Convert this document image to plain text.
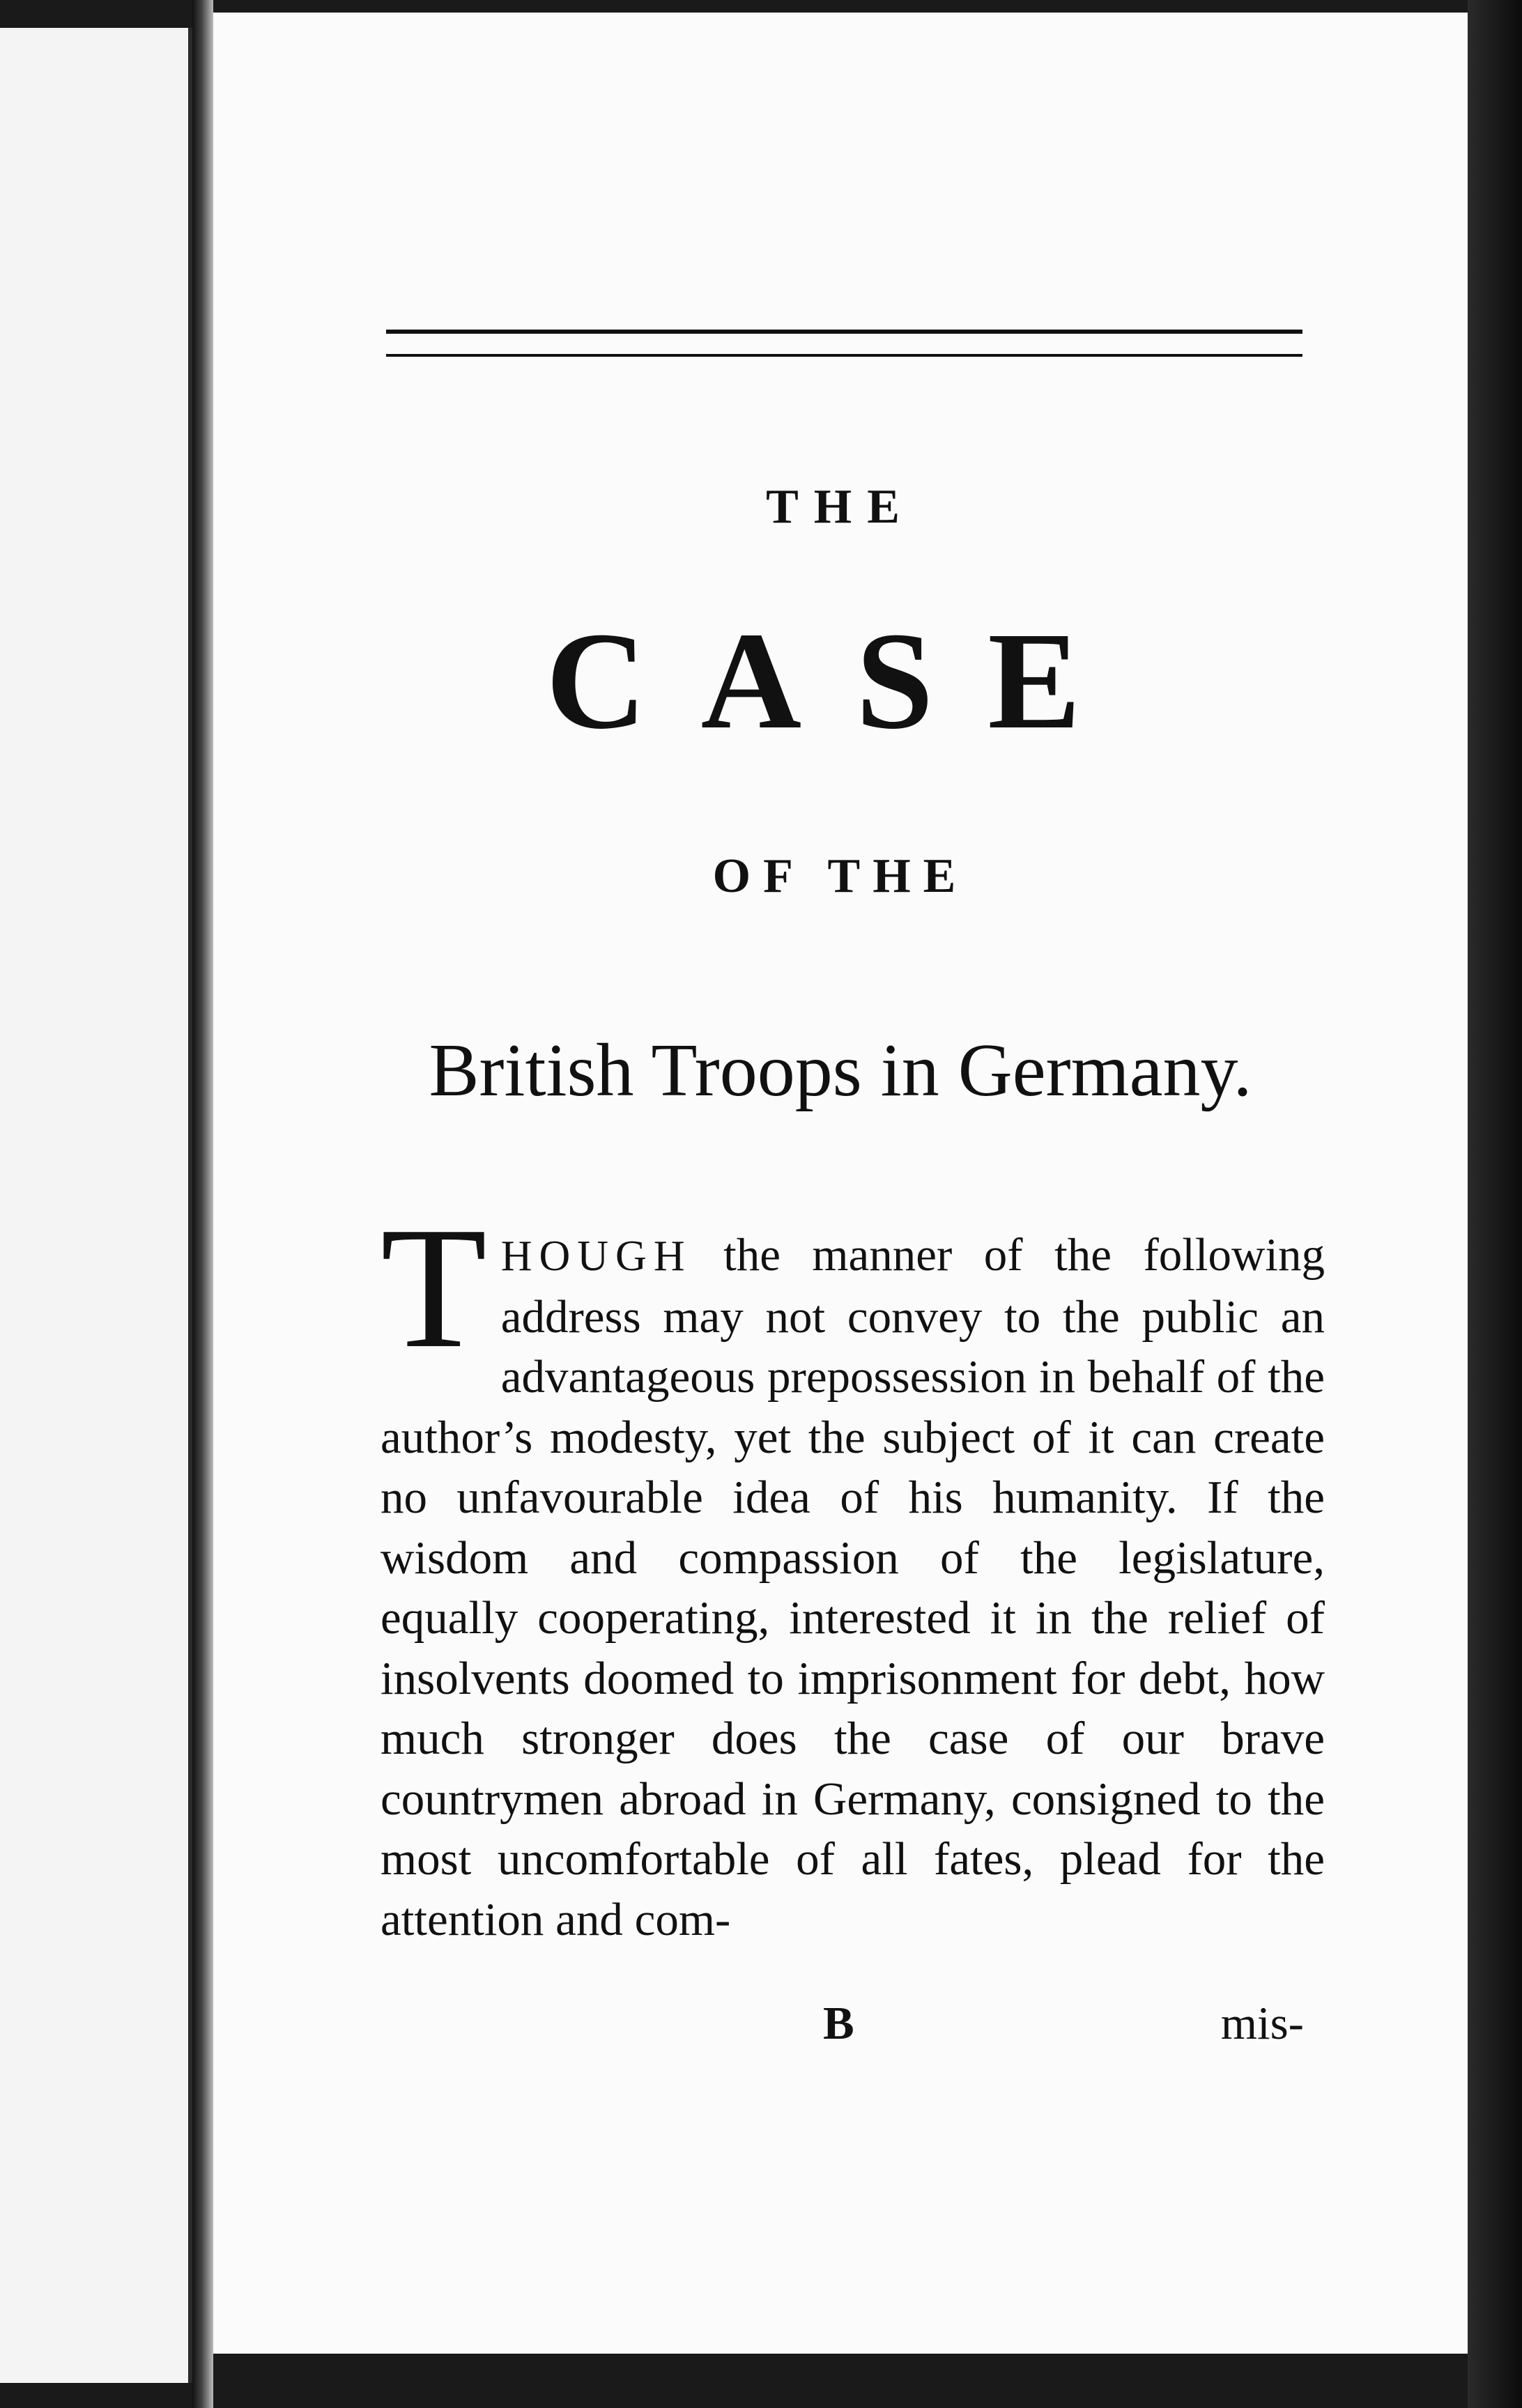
THE
CASE
OF THE
British Troops in Germany.

THOUGH the manner of the following address may not convey to the public an advantageous prepossession in behalf of the author’s modesty, yet the subject of it can create no unfavourable idea of his humanity. If the wisdom and compassion of the legislature, equally cooperating, interested it in the relief of insolvents doomed to imprisonment for debt, how much stronger does the case of our brave countrymen abroad in Germany, consigned to the most uncomfortable of all fates, plead for the attention and com-

B	mis-
